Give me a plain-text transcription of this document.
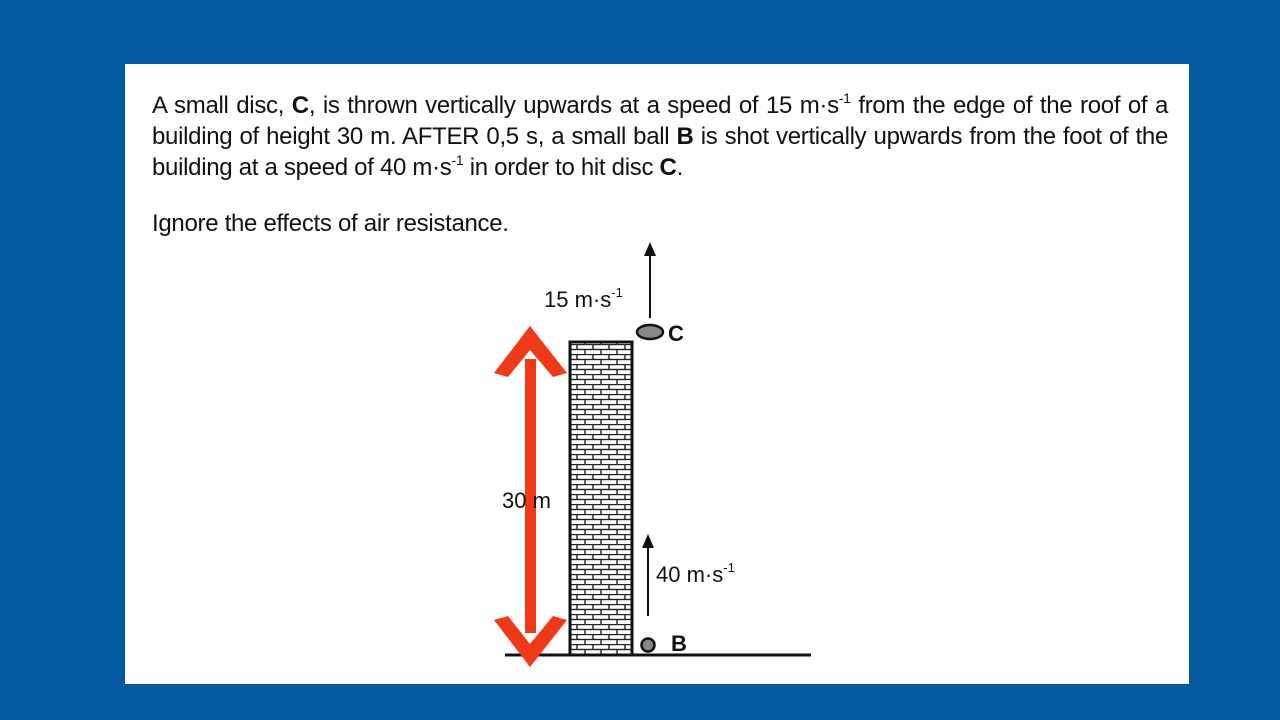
A small disc, C, is thrown vertically upwards at a speed of 15 $m\cdot s^{-1}$ from the edge of the roof of a building of height 30 m. AFTER 0,5 s, a small ball B is shot vertically upwards from the foot of the building at a speed of 40 $m\cdot s^{-1}$ in order to hit disc C.
Ignore the effects of air resistance.
30 m
15 $m\cdot s^{-1}$
C
40 $m\cdot s^{-1}$
B
